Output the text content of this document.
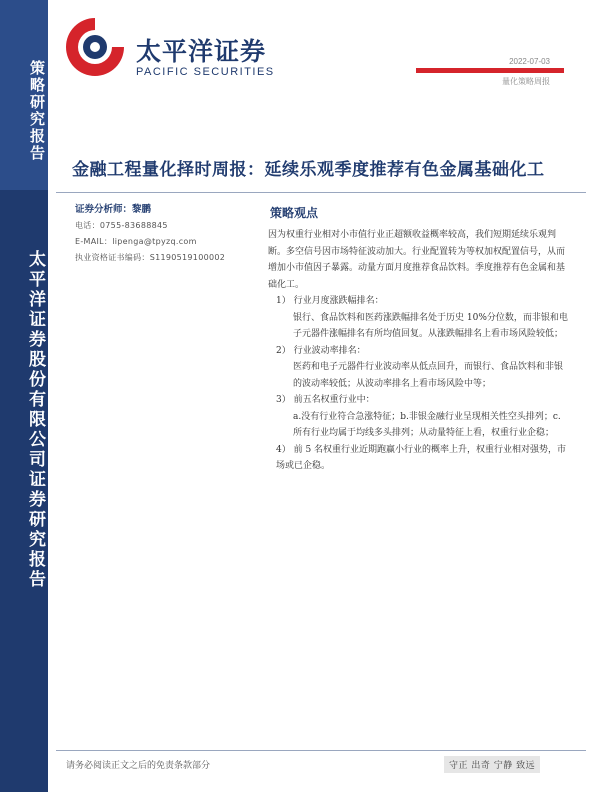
策略研究报告
太平洋证券股份有限公司证券研究报告
太平洋证券
PACIFIC SECURITIES
2022-07-03
量化策略周报
金融工程量化择时周报：延续乐观季度推荐有色金属基础化工
证券分析师：黎鹏
电话：0755-83688845
E-MAIL：lipenga@tpyzq.com
执业资格证书编码：S1190519100002
策略观点

因为权重行业相对小市值行业正超额收益概率较高，我们短期延续乐观判断。多空信号因市场特征波动加大。行业配置转为等权加权配置信号，从而增加小市值因子暴露。动量方面月度推荐食品饮料。季度推荐有色金属和基础化工。

1） 行业月度涨跌幅排名：

银行、食品饮料和医药涨跌幅排名处于历史 10%分位数，而非银和电子元器件涨幅排名有所均值回复。从涨跌幅排名上看市场风险较低；

2） 行业波动率排名：

医药和电子元器件行业波动率从低点回升，而银行、食品饮料和非银的波动率较低；从波动率排名上看市场风险中等；

3） 前五名权重行业中：

a.没有行业符合急涨特征；b.非银金融行业呈现相关性空头排列；c. 所有行业均属于均线多头排列；从动量特征上看，权重行业企稳；

4） 前 5 名权重行业近期跑赢小行业的概率上升，权重行业相对强势，市场或已企稳。

请务必阅读正文之后的免责条款部分	守正 出奇 宁静 致远
